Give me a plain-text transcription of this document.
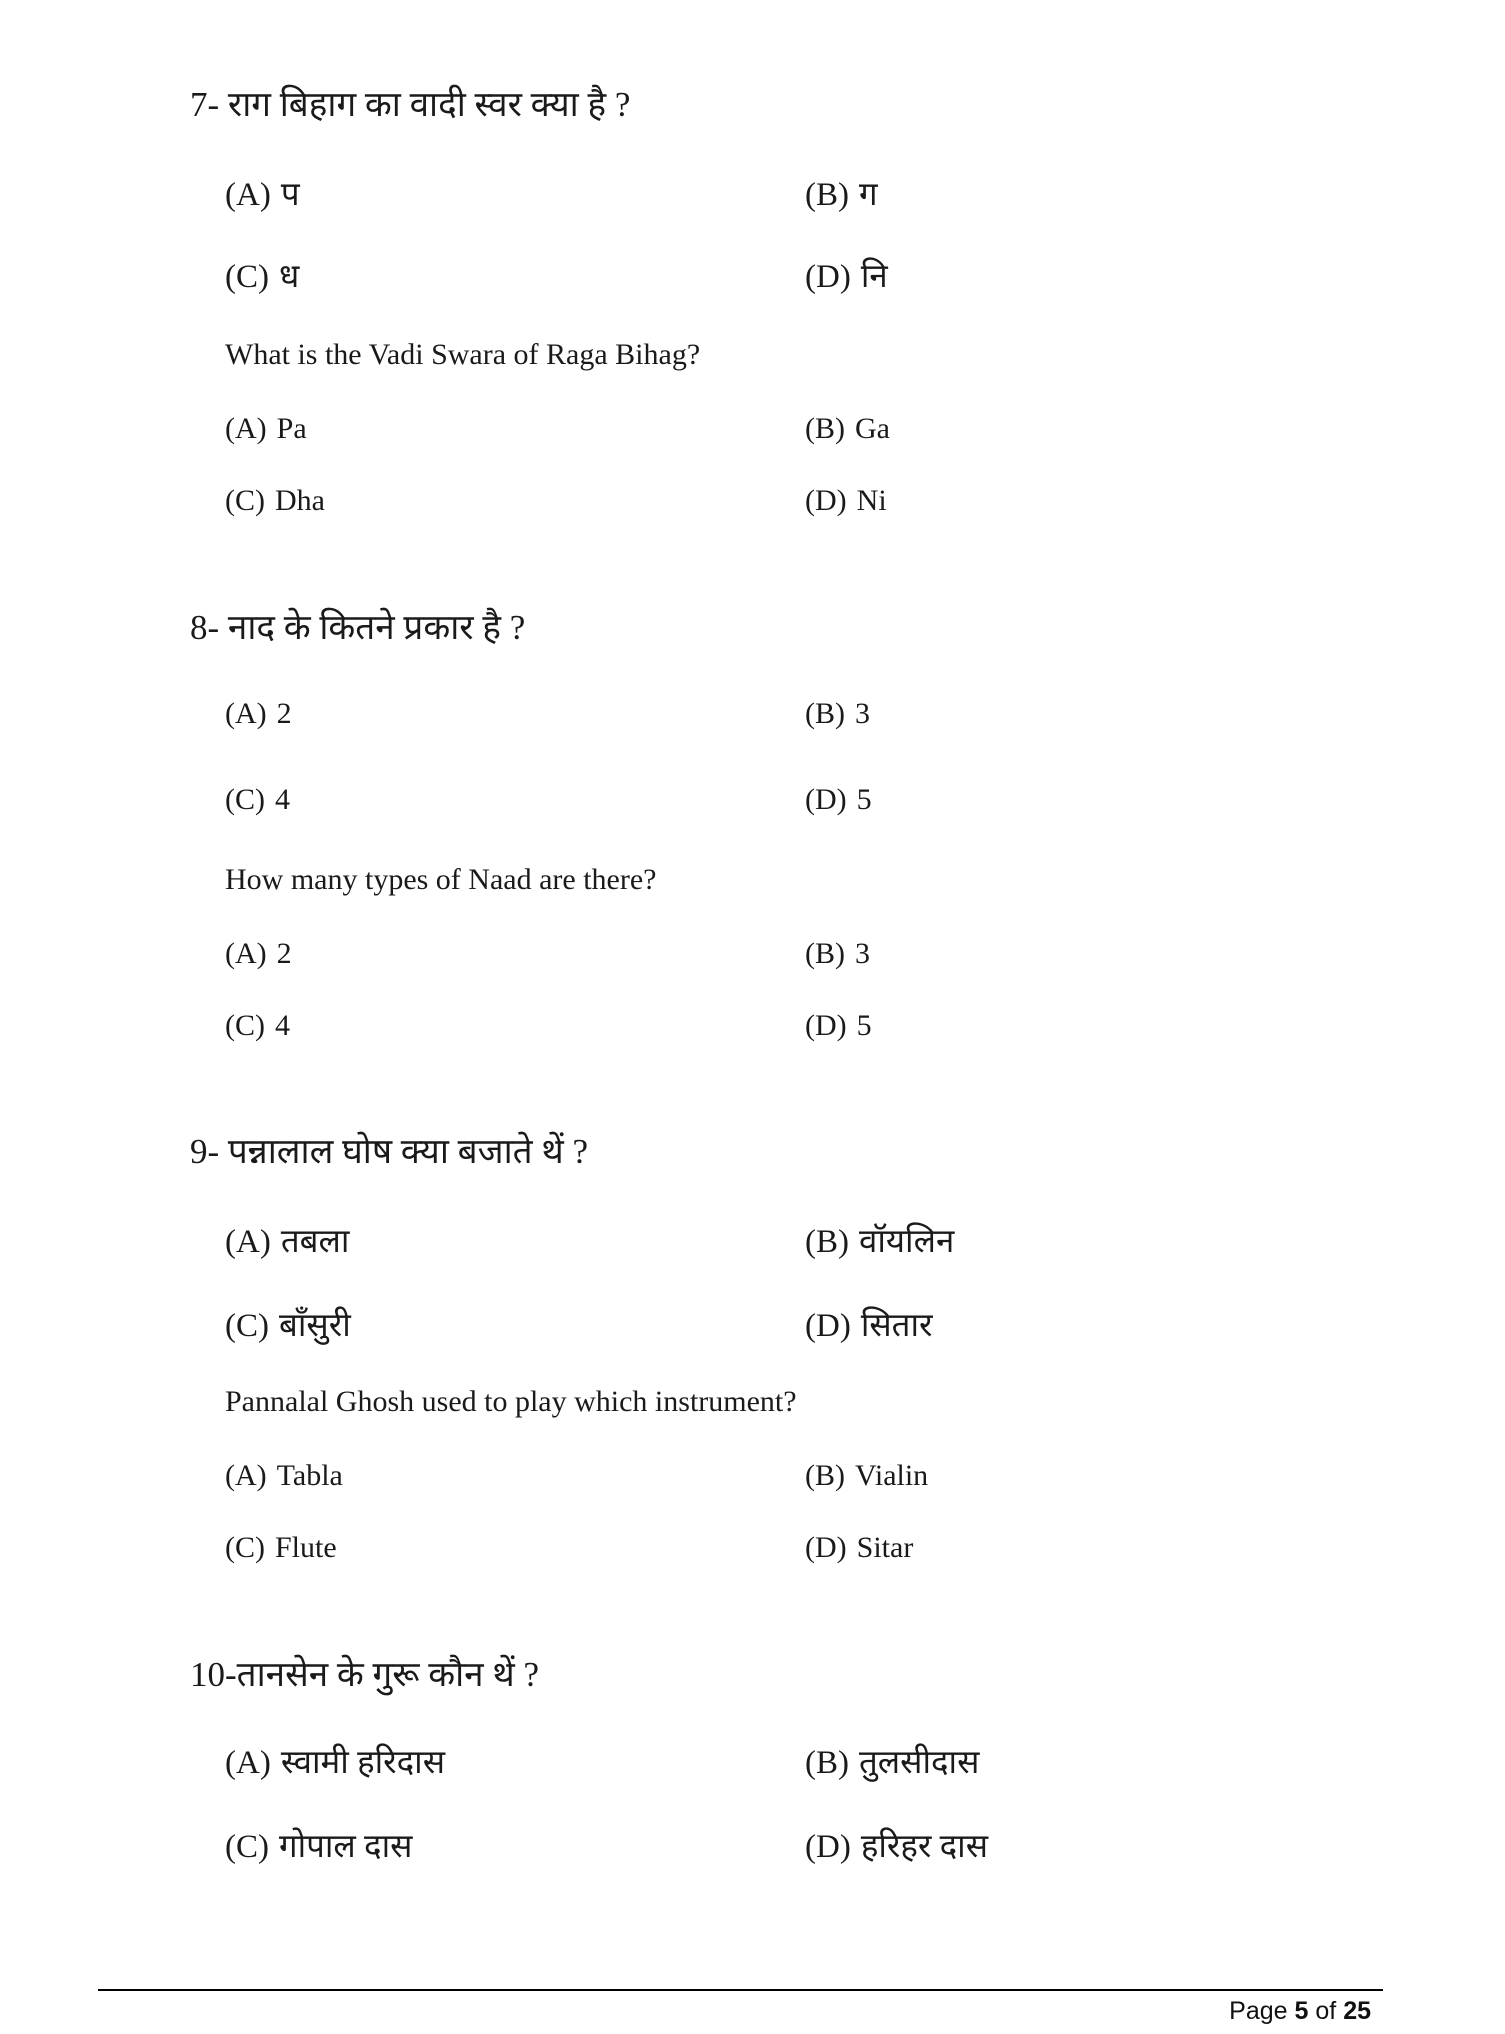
7- राग बिहाग का वादी स्वर क्या है ?
(A) प	(B) ग
(C) ध	(D) नि
What is the Vadi Swara of Raga Bihag?
(A) Pa	(B) Ga
(C) Dha	(D) Ni
8- नाद के कितने प्रकार है ?
(A) 2	(B) 3
(C) 4	(D) 5
How many types of Naad are there?
(A) 2	(B) 3
(C) 4	(D) 5
9- पन्नालाल घोष क्या बजाते थें ?
(A) तबला	(B) वॉयलिन
(C) बाँसुरी	(D) सितार
Pannalal Ghosh used to play which instrument?
(A) Tabla	(B) Vialin
(C) Flute	(D) Sitar
10-तानसेन के गुरू कौन थें ?
(A) स्वामी हरिदास	(B) तुलसीदास
(C) गोपाल दास	(D) हरिहर दास
Page 5 of 25
